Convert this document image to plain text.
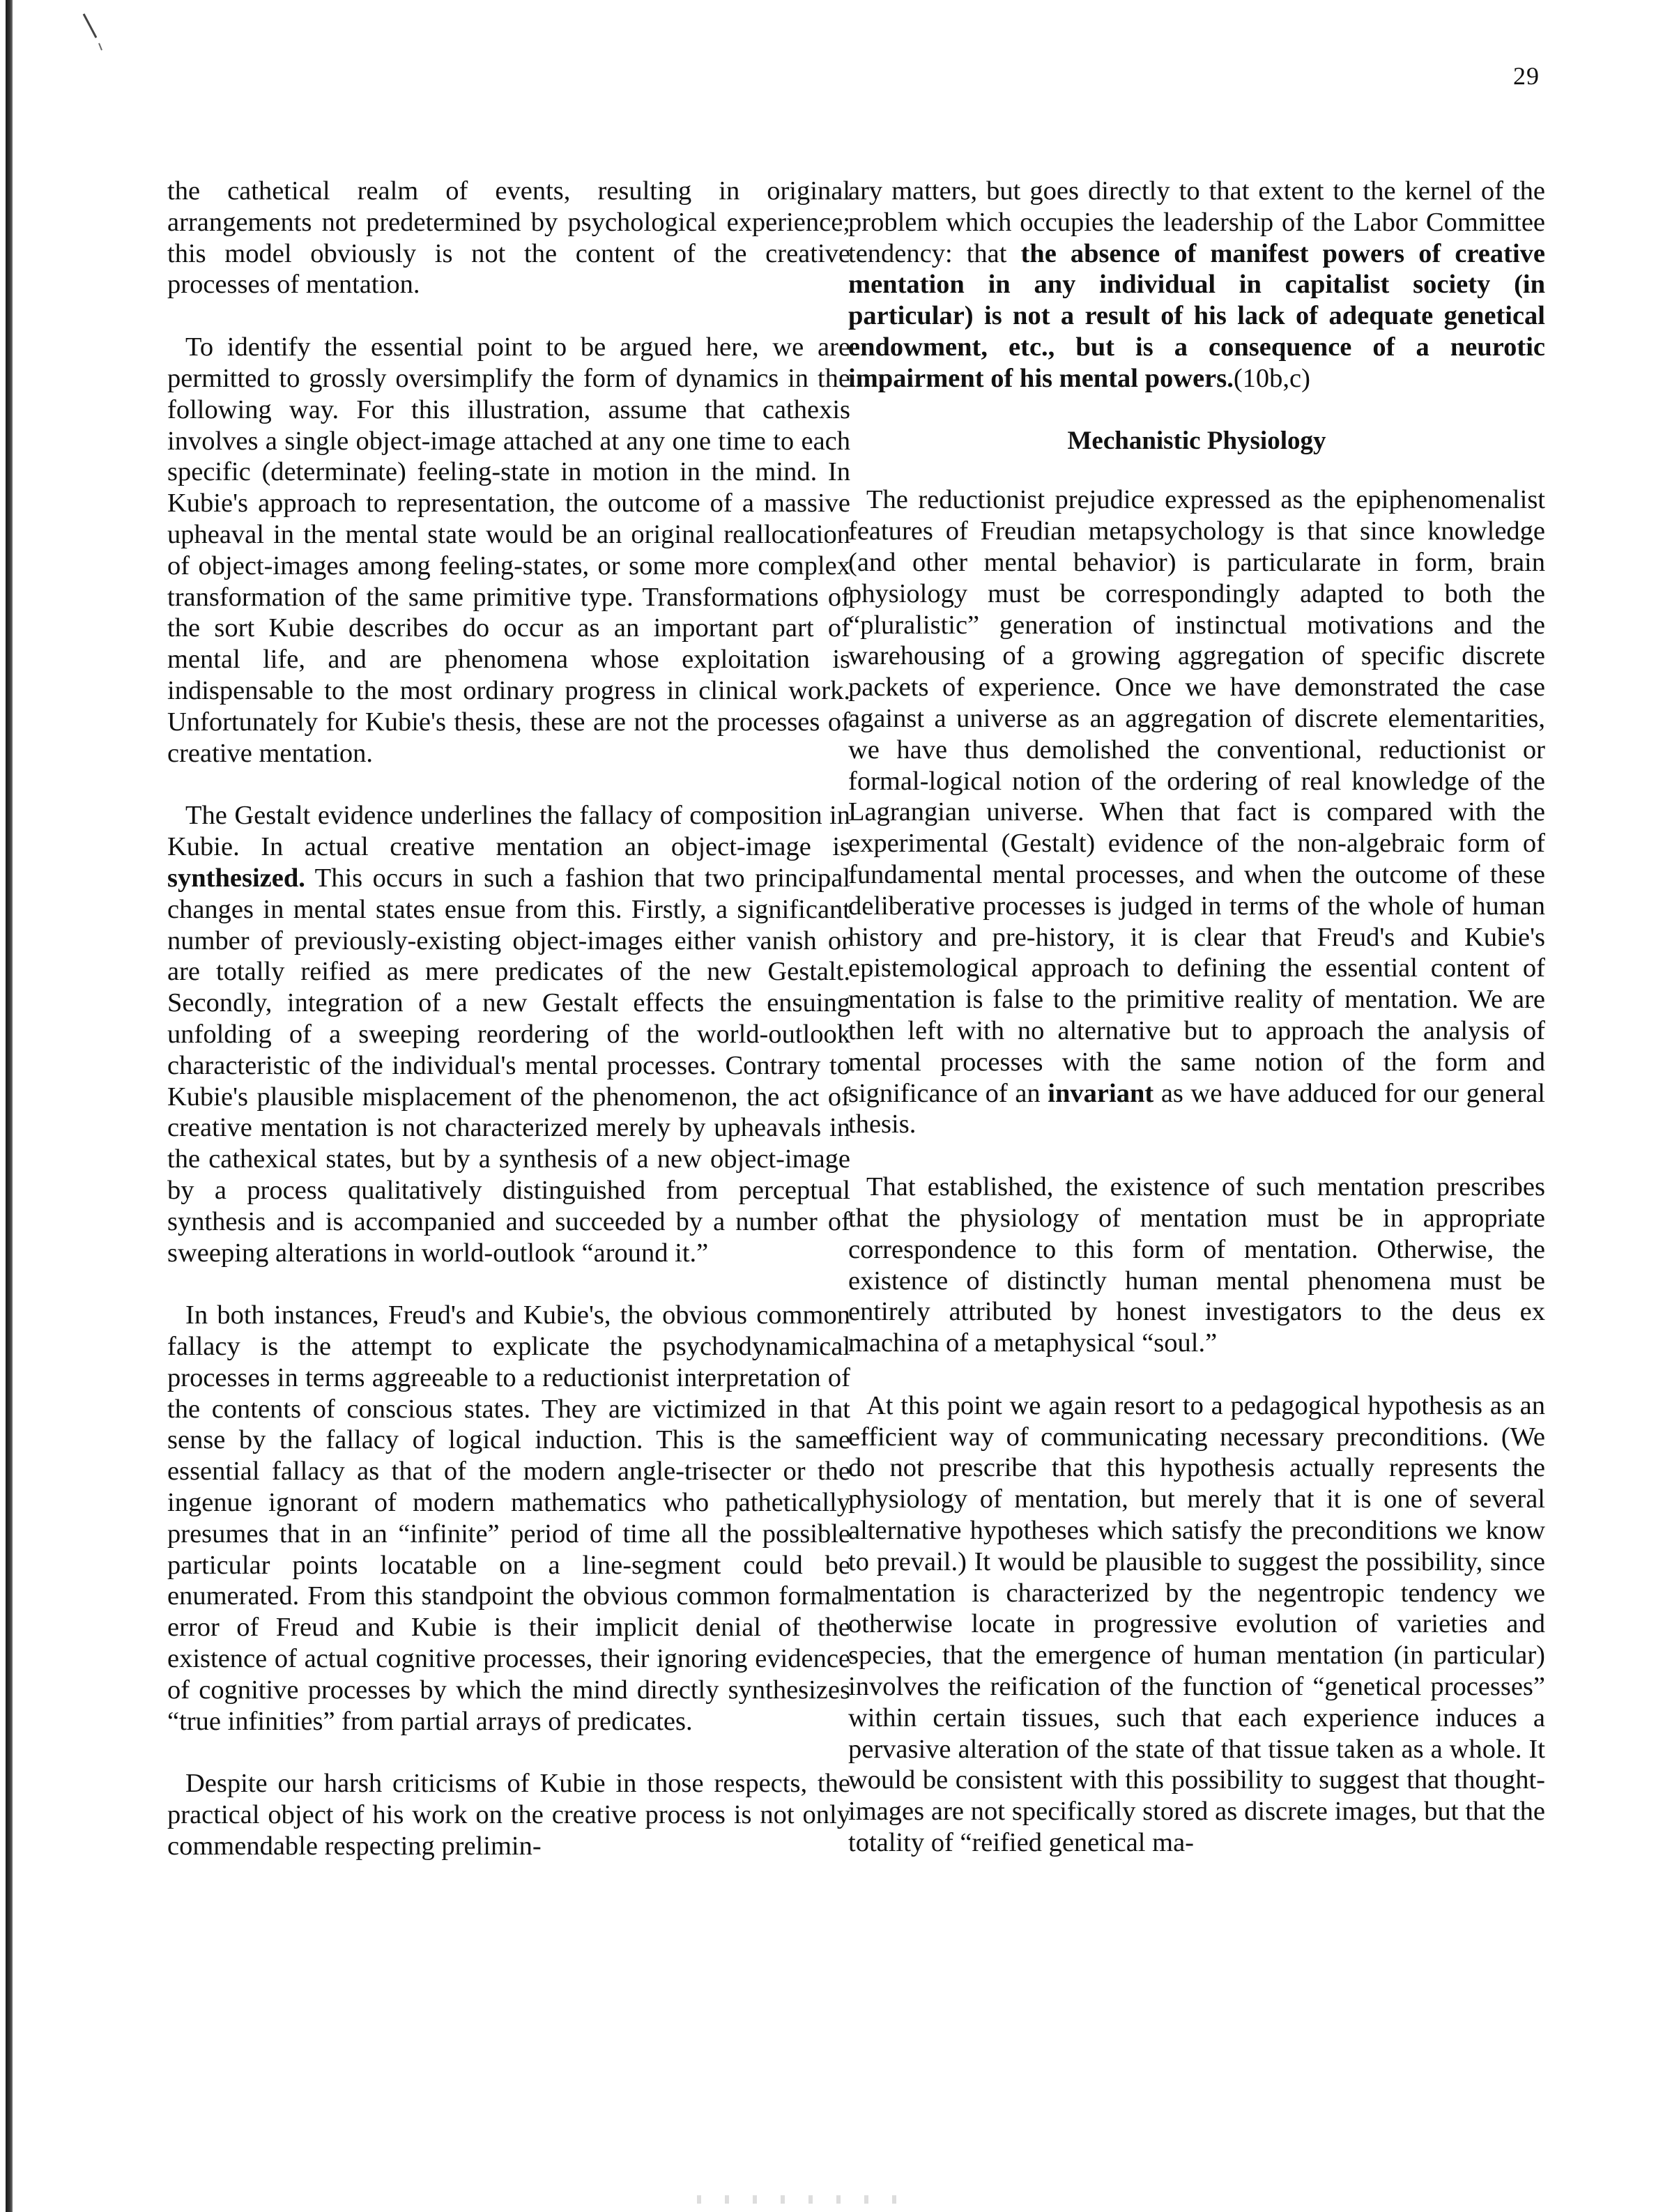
29

the cathetical realm of events, resulting in original arrangements not predetermined by psychological experience; this model obviously is not the content of the creative processes of mentation.

To identify the essential point to be argued here, we are permitted to grossly oversimplify the form of dynamics in the following way. For this illustration, assume that cathexis involves a single object-image attached at any one time to each specific (determinate) feeling-state in motion in the mind. In Kubie's approach to representation, the outcome of a massive upheaval in the mental state would be an original reallocation of object-images among feeling-states, or some more complex transformation of the same primitive type. Transformations of the sort Kubie describes do occur as an important part of mental life, and are phenomena whose exploitation is indispensable to the most ordinary progress in clinical work. Unfortunately for Kubie's thesis, these are not the processes of creative mentation.

The Gestalt evidence underlines the fallacy of composition in Kubie. In actual creative mentation an object-image is synthesized. This occurs in such a fashion that two principal changes in mental states ensue from this. Firstly, a significant number of previously-existing object-images either vanish or are totally reified as mere predicates of the new Gestalt. Secondly, integration of a new Gestalt effects the ensuing unfolding of a sweeping reordering of the world-outlook characteristic of the individual's mental processes. Contrary to Kubie's plausible misplacement of the phenomenon, the act of creative mentation is not characterized merely by upheavals in the cathexical states, but by a synthesis of a new object-image by a process qualitatively distinguished from perceptual synthesis and is accompanied and succeeded by a number of sweeping alterations in world-outlook “around it.”

In both instances, Freud's and Kubie's, the obvious common fallacy is the attempt to explicate the psychodynamical processes in terms aggreeable to a reductionist interpretation of the contents of conscious states. They are victimized in that sense by the fallacy of logical induction. This is the same essential fallacy as that of the modern angle-trisecter or the ingenue ignorant of modern mathematics who pathetically presumes that in an “infinite” period of time all the possible particular points locatable on a line-segment could be enumerated. From this standpoint the obvious common formal error of Freud and Kubie is their implicit denial of the existence of actual cognitive processes, their ignoring evidence of cognitive processes by which the mind directly synthesizes “true infinities” from partial arrays of predicates.

Despite our harsh criticisms of Kubie in those respects, the practical object of his work on the creative process is not only commendable respecting prelimin-

ary matters, but goes directly to that extent to the kernel of the problem which occupies the leadership of the Labor Committee tendency: that the absence of manifest powers of creative mentation in any individual in capitalist society (in particular) is not a result of his lack of adequate genetical endowment, etc., but is a consequence of a neurotic impairment of his mental powers.(10b,c)

Mechanistic Physiology

The reductionist prejudice expressed as the epiphenomenalist features of Freudian metapsychology is that since knowledge (and other mental behavior) is particularate in form, brain physiology must be correspondingly adapted to both the “pluralistic” generation of instinctual motivations and the warehousing of a growing aggregation of specific discrete packets of experience. Once we have demonstrated the case against a universe as an aggregation of discrete elementarities, we have thus demolished the conventional, reductionist or formal-logical notion of the ordering of real knowledge of the Lagrangian universe. When that fact is compared with the experimental (Gestalt) evidence of the non-algebraic form of fundamental mental processes, and when the outcome of these deliberative processes is judged in terms of the whole of human history and pre-history, it is clear that Freud's and Kubie's epistemological approach to defining the essential content of mentation is false to the primitive reality of mentation. We are then left with no alternative but to approach the analysis of mental processes with the same notion of the form and significance of an invariant as we have adduced for our general thesis.

That established, the existence of such mentation prescribes that the physiology of mentation must be in appropriate correspondence to this form of mentation. Otherwise, the existence of distinctly human mental phenomena must be entirely attributed by honest investigators to the deus ex machina of a metaphysical “soul.”

At this point we again resort to a pedagogical hypothesis as an efficient way of communicating necessary preconditions. (We do not prescribe that this hypothesis actually represents the physiology of mentation, but merely that it is one of several alternative hypotheses which satisfy the preconditions we know to prevail.) It would be plausible to suggest the possibility, since mentation is characterized by the negentropic tendency we otherwise locate in progressive evolution of varieties and species, that the emergence of human mentation (in particular) involves the reification of the function of “genetical processes” within certain tissues, such that each experience induces a pervasive alteration of the state of that tissue taken as a whole. It would be consistent with this possibility to suggest that thought-images are not specifically stored as discrete images, but that the totality of “reified genetical ma-
